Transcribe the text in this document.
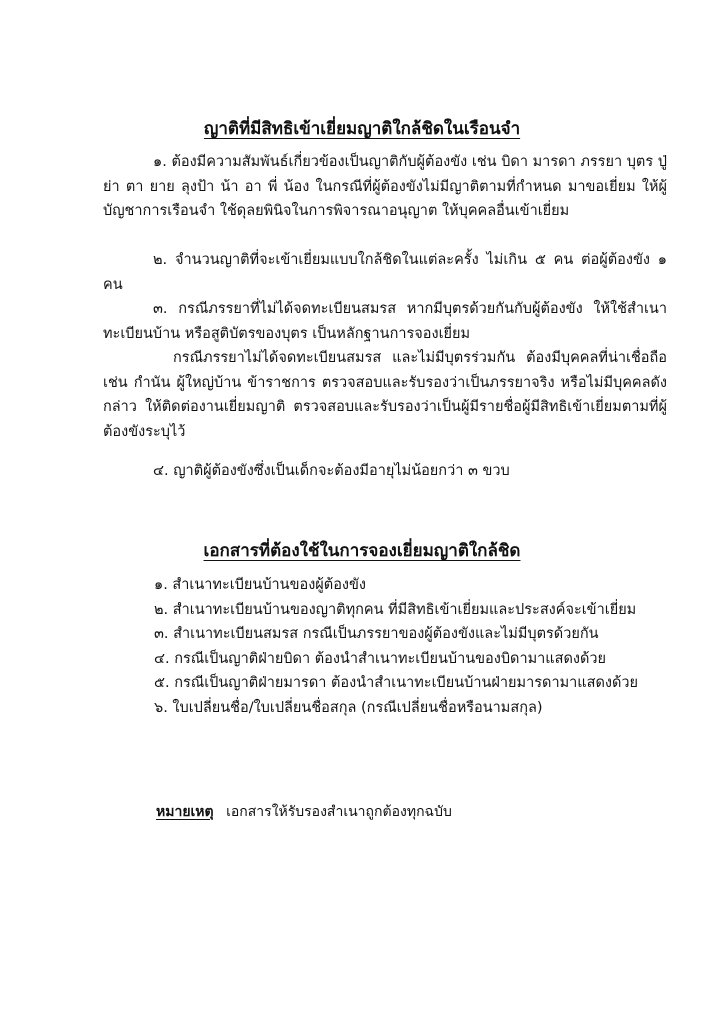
ญาติที่มีสิทธิเข้าเยี่ยมญาติใกล้ชิดในเรือนจำ

๑. ต้องมีความสัมพันธ์เกี่ยวข้องเป็นญาติกับผู้ต้องขัง เช่น บิดา มารดา ภรรยา บุตร ปู่ ย่า ตา ยาย ลุงป้า น้า อา พี่ น้อง ในกรณีที่ผู้ต้องขังไม่มีญาติตามที่กำหนด มาขอเยี่ยม ให้ผู้บัญชาการเรือนจำ ใช้ดุลยพินิจในการพิจารณาอนุญาต ให้บุคคลอื่นเข้าเยี่ยม

๒. จำนวนญาติที่จะเข้าเยี่ยมแบบใกล้ชิดในแต่ละครั้ง ไม่เกิน ๕ คน ต่อผู้ต้องขัง ๑ คน

๓. กรณีภรรยาที่ไม่ได้จดทะเบียนสมรส หากมีบุตรด้วยกันกับผู้ต้องขัง ให้ใช้สำเนาทะเบียนบ้าน หรือสูติบัตรของบุตร เป็นหลักฐานการจองเยี่ยม

กรณีภรรยาไม่ได้จดทะเบียนสมรส และไม่มีบุตรร่วมกัน ต้องมีบุคคลที่น่าเชื่อถือ เช่น กำนัน ผู้ใหญ่บ้าน ข้าราชการ ตรวจสอบและรับรองว่าเป็นภรรยาจริง หรือไม่มีบุคคลดังกล่าว ให้ติดต่องานเยี่ยมญาติ ตรวจสอบและรับรองว่าเป็นผู้มีรายชื่อผู้มีสิทธิเข้าเยี่ยมตามที่ผู้ต้องขังระบุไว้

๔. ญาติผู้ต้องขังซึ่งเป็นเด็กจะต้องมีอายุไม่น้อยกว่า ๓ ขวบ

เอกสารที่ต้องใช้ในการจองเยี่ยมญาติใกล้ชิด
๑. สำเนาทะเบียนบ้านของผู้ต้องขัง
๒. สำเนาทะเบียนบ้านของญาติทุกคน ที่มีสิทธิเข้าเยี่ยมและประสงค์จะเข้าเยี่ยม
๓. สำเนาทะเบียนสมรส กรณีเป็นภรรยาของผู้ต้องขังและไม่มีบุตรด้วยกัน
๔. กรณีเป็นญาติฝ่ายบิดา ต้องนำสำเนาทะเบียนบ้านของบิดามาแสดงด้วย
๕. กรณีเป็นญาติฝ่ายมารดา ต้องนำสำเนาทะเบียนบ้านฝ่ายมารดามาแสดงด้วย
๖. ใบเปลี่ยนชื่อ/ใบเปลี่ยนชื่อสกุล (กรณีเปลี่ยนชื่อหรือนามสกุล)
หมายเหตุ เอกสารให้รับรองสำเนาถูกต้องทุกฉบับ
